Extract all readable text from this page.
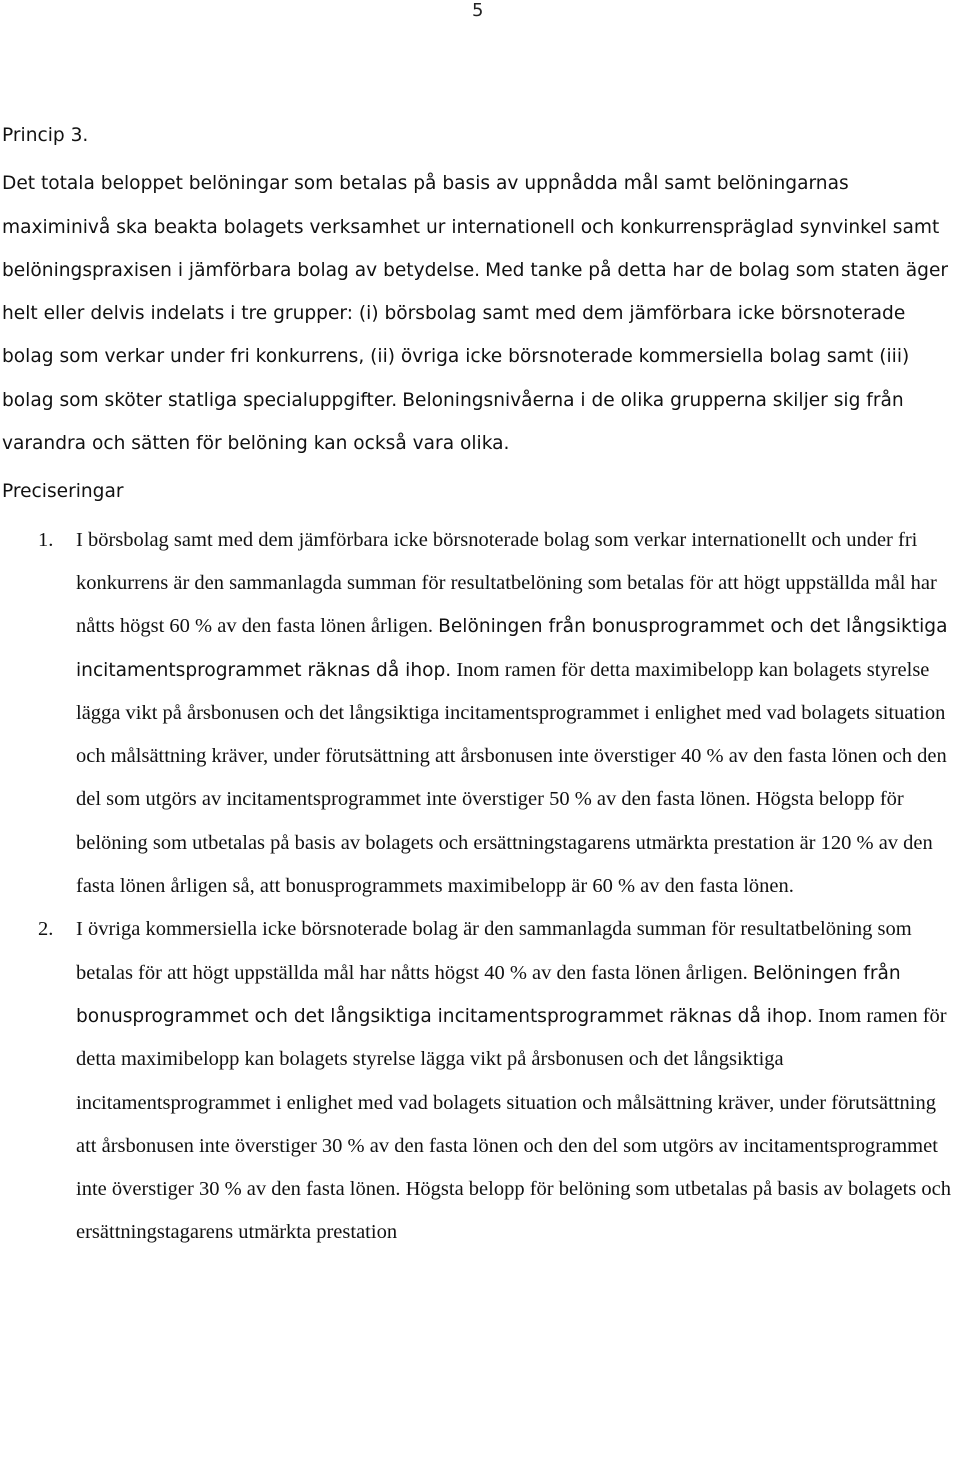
5

Princip 3.

Det totala beloppet belöningar som betalas på basis av uppnådda mål samt belöningarnas maximinivå ska beakta bolagets verksamhet ur internationell och konkurrenspräglad synvinkel samt belöningspraxisen i jämförbara bolag av betydelse. Med tanke på detta har de bolag som staten äger helt eller delvis indelats i tre grupper: (i) börsbolag samt med dem jämförbara icke börsnoterade bolag som verkar under fri konkurrens, (ii) övriga icke börsnoterade kommersiella bolag samt (iii) bolag som sköter statliga specialuppgifter. Beloningsnivåerna i de olika grupperna skiljer sig från varandra och sätten för belöning kan också vara olika.

Preciseringar

1. I börsbolag samt med dem jämförbara icke börsnoterade bolag som verkar internationellt och under fri konkurrens är den sammanlagda summan för resultatbelöning som betalas för att högt uppställda mål har nåtts högst 60 % av den fasta lönen årligen. Belöningen från bonusprogrammet och det långsiktiga incitamentsprogrammet räknas då ihop. Inom ramen för detta maximibelopp kan bolagets styrelse lägga vikt på årsbonusen och det långsiktiga incitamentsprogrammet i enlighet med vad bolagets situation och målsättning kräver, under förutsättning att årsbonusen inte överstiger 40 % av den fasta lönen och den del som utgörs av incitamentsprogrammet inte överstiger 50 % av den fasta lönen. Högsta belopp för belöning som utbetalas på basis av bolagets och ersättningstagarens utmärkta prestation är 120 % av den fasta lönen årligen så, att bonusprogrammets maximibelopp är 60 % av den fasta lönen.
2. I övriga kommersiella icke börsnoterade bolag är den sammanlagda summan för resultatbelöning som betalas för att högt uppställda mål har nåtts högst 40 % av den fasta lönen årligen. Belöningen från bonusprogrammet och det långsiktiga incitamentsprogrammet räknas då ihop. Inom ramen för detta maximibelopp kan bolagets styrelse lägga vikt på årsbonusen och det långsiktiga incitamentsprogrammet i enlighet med vad bolagets situation och målsättning kräver, under förutsättning att årsbonusen inte överstiger 30 % av den fasta lönen och den del som utgörs av incitamentsprogrammet inte överstiger 30 % av den fasta lönen. Högsta belopp för belöning som utbetalas på basis av bolagets och ersättningstagarens utmärkta prestation
